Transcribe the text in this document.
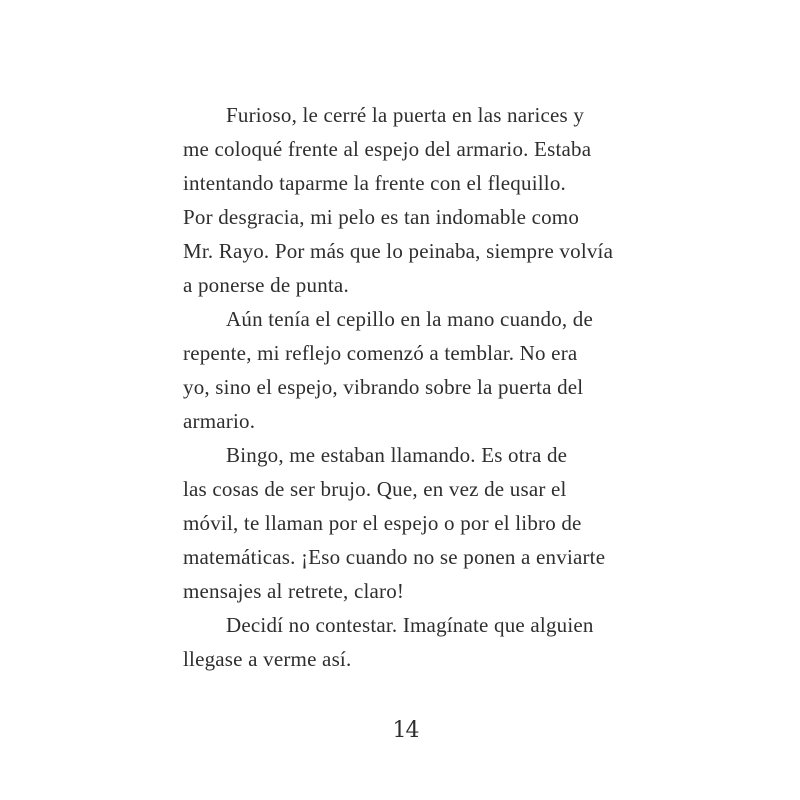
Furioso, le cerré la puerta en las narices y
me coloqué frente al espejo del armario. Estaba
intentando taparme la frente con el flequillo.
Por desgracia, mi pelo es tan indomable como
Mr. Rayo. Por más que lo peinaba, siempre volvía
a ponerse de punta.
Aún tenía el cepillo en la mano cuando, de
repente, mi reflejo comenzó a temblar. No era
yo, sino el espejo, vibrando sobre la puerta del
armario.
Bingo, me estaban llamando. Es otra de
las cosas de ser brujo. Que, en vez de usar el
móvil, te llaman por el espejo o por el libro de
matemáticas. ¡Eso cuando no se ponen a enviarte
mensajes al retrete, claro!
Decidí no contestar. Imagínate que alguien
llegase a verme así.
14
